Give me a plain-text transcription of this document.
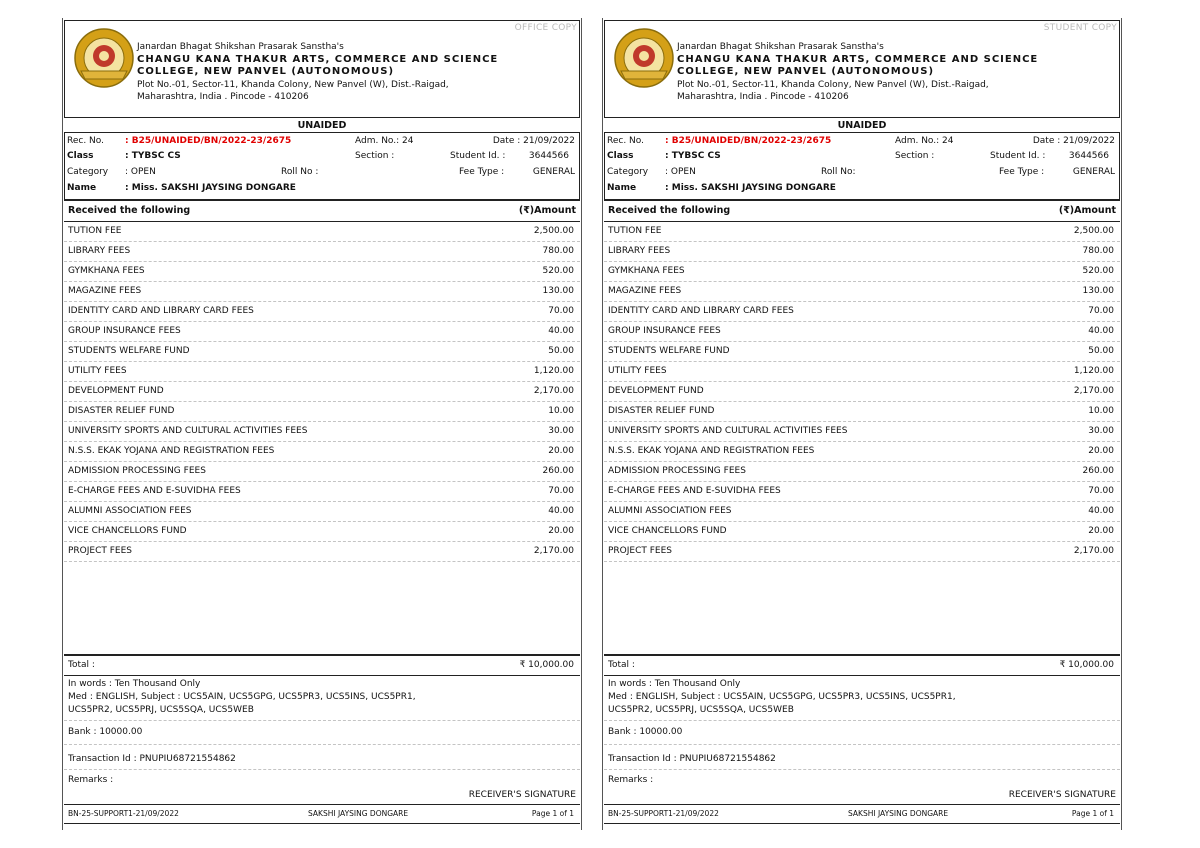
OFFICE COPY
Janardan Bhagat Shikshan Prasarak Sanstha's
CHANGU KANA THAKUR ARTS, COMMERCE AND SCIENCE
COLLEGE, NEW PANVEL (AUTONOMOUS)
Plot No.-01, Sector-11, Khanda Colony, New Panvel (W), Dist.-Raigad,
Maharashtra, India . Pincode - 410206
UNAIDED
Rec. No. : B25/UNAIDED/BN/2022-23/2675	Adm. No.: 24	Date : 21/09/2022
Class	: TYBSC CS	Section :	Student Id. :	3644566
Category : OPEN	Roll No :	Fee Type :	GENERAL
Name	: Miss. SAKSHI JAYSING DONGARE
Received the following	(₹)Amount
TUTION FEE	2,500.00
LIBRARY FEES	780.00
GYMKHANA FEES	520.00
MAGAZINE FEES	130.00
IDENTITY CARD AND LIBRARY CARD FEES	70.00
GROUP INSURANCE FEES	40.00
STUDENTS WELFARE FUND	50.00
UTILITY FEES	1,120.00
DEVELOPMENT FUND	2,170.00
DISASTER RELIEF FUND	10.00
UNIVERSITY SPORTS AND CULTURAL ACTIVITIES FEES	30.00
N.S.S. EKAK YOJANA AND REGISTRATION FEES	20.00
ADMISSION PROCESSING FEES	260.00
E-CHARGE FEES AND E-SUVIDHA FEES	70.00
ALUMNI ASSOCIATION FEES	40.00
VICE CHANCELLORS FUND	20.00
PROJECT FEES	2,170.00
Total :	₹ 10,000.00
In words : Ten Thousand Only
Med : ENGLISH, Subject : UCS5AIN, UCS5GPG, UCS5PR3, UCS5INS, UCS5PR1,
UCS5PR2, UCS5PRJ, UCS5SQA, UCS5WEB
Bank : 10000.00
Transaction Id : PNUPIU68721554862
Remarks :
RECEIVER'S SIGNATURE
BN-25-SUPPORT1-21/09/2022	SAKSHI JAYSING DONGARE	Page 1 of 1
STUDENT COPY
Janardan Bhagat Shikshan Prasarak Sanstha's
CHANGU KANA THAKUR ARTS, COMMERCE AND SCIENCE
COLLEGE, NEW PANVEL (AUTONOMOUS)
Plot No.-01, Sector-11, Khanda Colony, New Panvel (W), Dist.-Raigad,
Maharashtra, India . Pincode - 410206
UNAIDED
Rec. No. : B25/UNAIDED/BN/2022-23/2675	Adm. No.: 24	Date : 21/09/2022
Class	: TYBSC CS	Section :	Student Id. :	3644566
Category : OPEN	Roll No:	Fee Type :	GENERAL
Name	: Miss. SAKSHI JAYSING DONGARE
Received the following	(₹)Amount
TUTION FEE	2,500.00
LIBRARY FEES	780.00
GYMKHANA FEES	520.00
MAGAZINE FEES	130.00
IDENTITY CARD AND LIBRARY CARD FEES	70.00
GROUP INSURANCE FEES	40.00
STUDENTS WELFARE FUND	50.00
UTILITY FEES	1,120.00
DEVELOPMENT FUND	2,170.00
DISASTER RELIEF FUND	10.00
UNIVERSITY SPORTS AND CULTURAL ACTIVITIES FEES	30.00
N.S.S. EKAK YOJANA AND REGISTRATION FEES	20.00
ADMISSION PROCESSING FEES	260.00
E-CHARGE FEES AND E-SUVIDHA FEES	70.00
ALUMNI ASSOCIATION FEES	40.00
VICE CHANCELLORS FUND	20.00
PROJECT FEES	2,170.00
Total :	₹ 10,000.00
In words : Ten Thousand Only
Med : ENGLISH, Subject : UCS5AIN, UCS5GPG, UCS5PR3, UCS5INS, UCS5PR1,
UCS5PR2, UCS5PRJ, UCS5SQA, UCS5WEB
Bank : 10000.00
Transaction Id : PNUPIU68721554862
Remarks :
RECEIVER'S SIGNATURE
BN-25-SUPPORT1-21/09/2022	SAKSHI JAYSING DONGARE	Page 1 of 1
